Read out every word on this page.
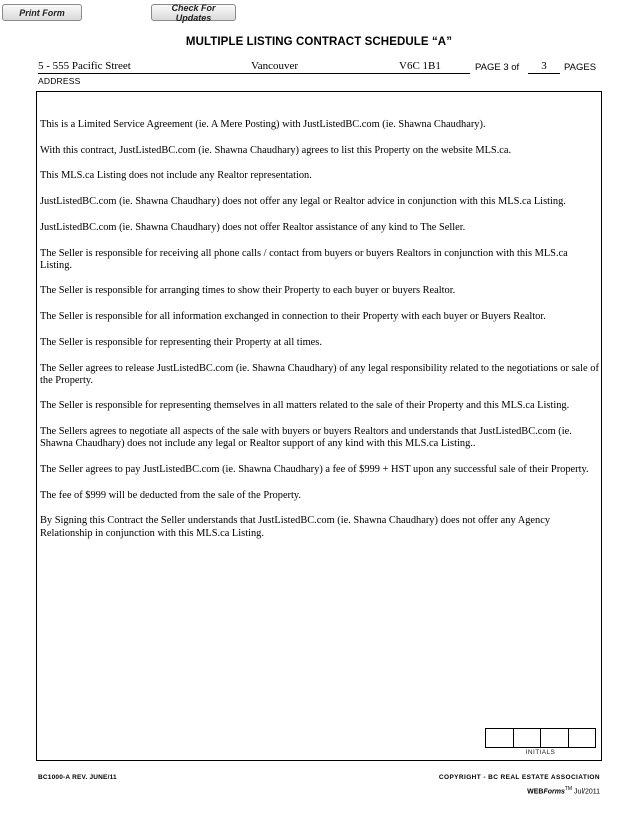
Print Form	Check For Updates
MULTIPLE LISTING CONTRACT SCHEDULE “A”
5 - 555 Pacific Street	Vancouver	V6C 1B1	PAGE 3 of	3	PAGES
ADDRESS

This is a Limited Service Agreement (ie. A Mere Posting) with JustListedBC.com (ie. Shawna Chaudhary).

With this contract, JustListedBC.com (ie. Shawna Chaudhary) agrees to list this Property on the website MLS.ca.

This MLS.ca Listing does not include any Realtor representation.

JustListedBC.com (ie. Shawna Chaudhary) does not offer any legal or Realtor advice in conjunction with this MLS.ca Listing.

JustListedBC.com (ie. Shawna Chaudhary) does not offer Realtor assistance of any kind to The Seller.

The Seller is responsible for receiving all phone calls / contact from buyers or buyers Realtors in conjunction with this MLS.ca Listing.

The Seller is responsible for arranging times to show their Property to each buyer or buyers Realtor.

The Seller is responsible for all information exchanged in connection to their Property with each buyer or Buyers Realtor.

The Seller is responsible for representing their Property at all times.

The Seller agrees to release JustListedBC.com (ie. Shawna Chaudhary) of any legal responsibility related to the negotiations or sale of the Property.

The Seller is responsible for representing themselves in all matters related to the sale of their Property and this MLS.ca Listing.

The Sellers agrees to negotiate all aspects of the sale with buyers or buyers Realtors and understands that JustListedBC.com (ie. Shawna Chaudhary) does not include any legal or Realtor support of any kind with this MLS.ca Listing..

The Seller agrees to pay JustListedBC.com (ie. Shawna Chaudhary) a fee of $999 + HST upon any successful sale of their Property.

The fee of $999 will be deducted from the sale of the Property.

By Signing this Contract the Seller understands that JustListedBC.com (ie. Shawna Chaudhary) does not offer any Agency Relationship in conjunction with this MLS.ca Listing.

INITIALS
BC1000-A REV. JUNE/11	COPYRIGHT - BC REAL ESTATE ASSOCIATION
WEBForms™ Jul/2011
